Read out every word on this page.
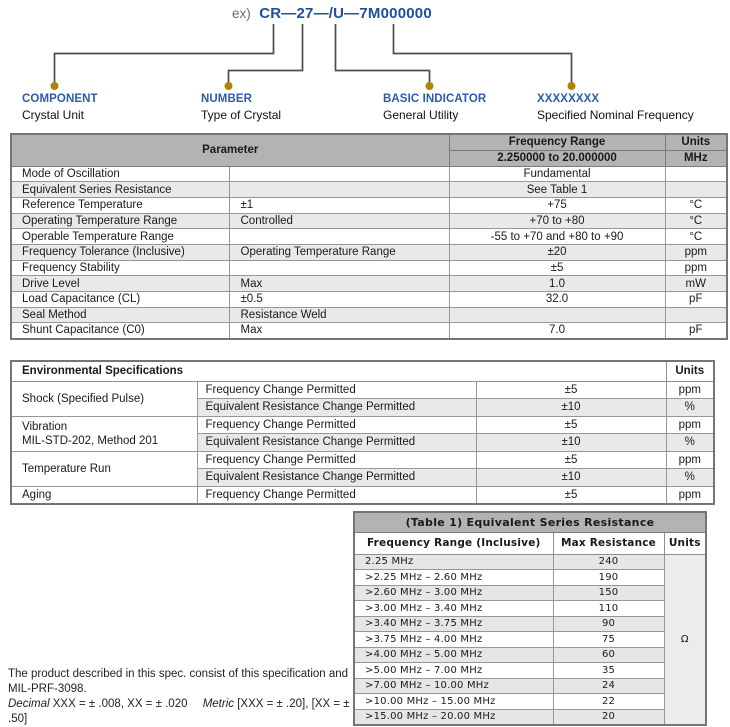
ex) CR—27—/U—7M000000
COMPONENT
Crystal Unit
NUMBER
Type of Crystal
BASIC INDICATOR
General Utility
XXXXXXXX
Specified Nominal Frequency
Parameter		Frequency Range	Units
		2.250000 to 20.000000	MHz
Mode of Oscillation		Fundamental	
Equivalent Series Resistance		See Table 1	
Reference Temperature	±1	+75	°C
Operating Temperature Range	Controlled	+70 to +80	°C
Operable Temperature Range		-55 to +70 and +80 to +90	°C
Frequency Tolerance (Inclusive)	Operating Temperature Range	±20	ppm
Frequency Stability		±5	ppm
Drive Level	Max	1.0	mW
Load Capacitance (CL)	±0.5	32.0	pF
Seal Method	Resistance Weld		
Shunt Capacitance (C0)	Max	7.0	pF
Environmental Specifications			Units

Shock (Specified Pulse)	Frequency Change Permitted	±5	ppm
	Equivalent Resistance Change Permitted	±10	%

Vibration
MIL-STD-202, Method 201	Frequency Change Permitted	±5	ppm
	Equivalent Resistance Change Permitted	±10	%

Temperature Run	Frequency Change Permitted	±5	ppm
	Equivalent Resistance Change Permitted	±10	%

Aging	Frequency Change Permitted	±5	ppm
(Table 1) Equivalent Series Resistance		
Frequency Range (Inclusive)	Max Resistance	Units
2.25 MHz	240	Ω
>2.25 MHz – 2.60 MHz	190	
>2.60 MHz – 3.00 MHz	150	
>3.00 MHz – 3.40 MHz	110	
>3.40 MHz – 3.75 MHz	90	
>3.75 MHz – 4.00 MHz	75	
>4.00 MHz – 5.00 MHz	60	
>5.00 MHz – 7.00 MHz	35	
>7.00 MHz – 10.00 MHz	24	
>10.00 MHz – 15.00 MHz	22	
>15.00 MHz – 20.00 MHz	20	
The product described in this spec. consist of this specification and
MIL-PRF-3098.
Decimal XXX = ± .008, XX = ± .020 Metric [XXX = ± .20], [XX = ± .50]
